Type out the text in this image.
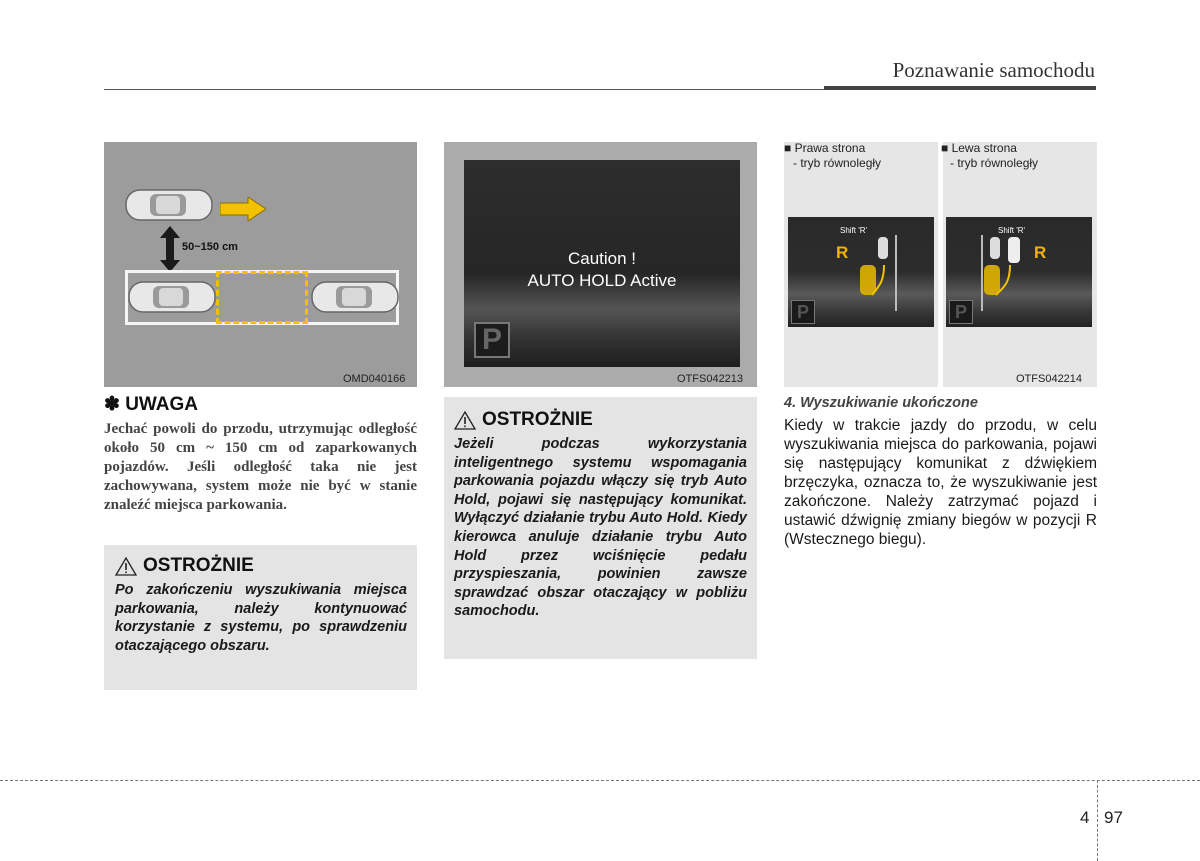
Poznawanie samochodu
50~150 cm
OMD040166
Caution !
AUTO HOLD Active
P
OTFS042213
■ Prawa strona
- tryb równoległy
■ Lewa strona
- tryb równoległy
Shift 'R'
R
P
Shift 'R'
R
P
OTFS042214
✽ UWAGA
Jechać powoli do przodu, utrzymując odległość około 50 cm ~ 150 cm od zaparkowanych pojazdów. Jeśli odległość taka nie jest zachowywana, system może nie być w stanie znaleźć miejsca parkowania.
OSTROŻNIE
Po zakończeniu wyszukiwania miejsca parkowania, należy kontynuować korzystanie z systemu, po sprawdzeniu otaczającego obszaru.
OSTROŻNIE
Jeżeli podczas wykorzystania inteligentnego systemu wspomagania parkowania pojazdu włączy się tryb Auto Hold, pojawi się następujący komunikat. Wyłączyć działanie trybu Auto Hold. Kiedy kierowca anuluje działanie trybu Auto Hold przez wciśnięcie pedału przyspieszania, powinien zawsze sprawdzać obszar otaczający w pobliżu samochodu.
4. Wyszukiwanie ukończone
Kiedy w trakcie jazdy do przodu, w celu wyszukiwania miejsca do parkowania, pojawi się następujący komunikat z dźwiękiem brzęczyka, oznacza to, że wyszukiwanie jest zakończone. Należy zatrzymać pojazd i ustawić dźwignię zmiany biegów w pozycji R (Wstecznego biegu).
4 97
